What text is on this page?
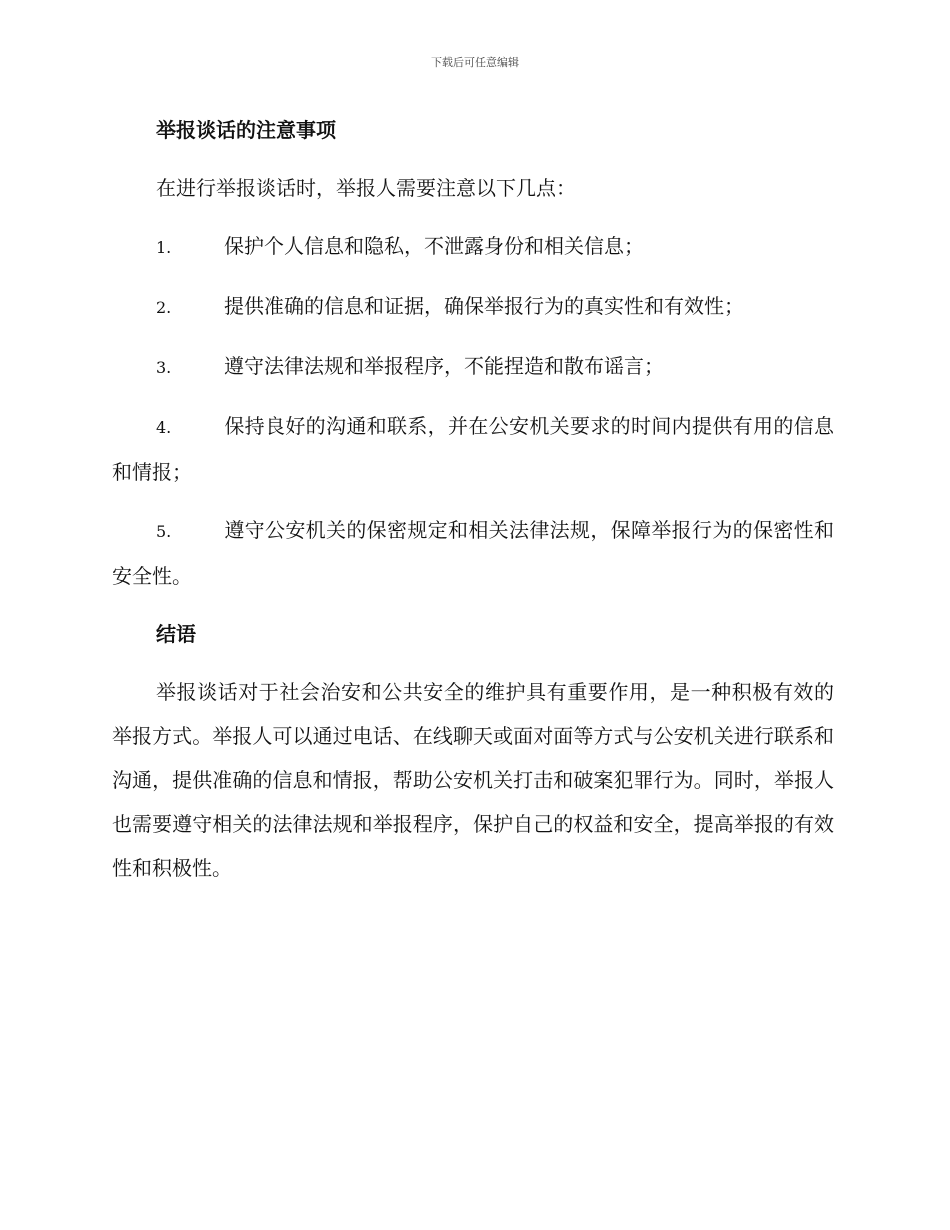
下载后可任意编辑
举报谈话的注意事项

在进行举报谈话时，举报人需要注意以下几点：

1.	保护个人信息和隐私，不泄露身份和相关信息；

2.	提供准确的信息和证据，确保举报行为的真实性和有效性；

3.	遵守法律法规和举报程序，不能捏造和散布谣言；

4.	保持良好的沟通和联系，并在公安机关要求的时间内提供有用的信息和情报；

5.	遵守公安机关的保密规定和相关法律法规，保障举报行为的保密性和安全性。

结语

举报谈话对于社会治安和公共安全的维护具有重要作用，是一种积极有效的举报方式。举报人可以通过电话、在线聊天或面对面等方式与公安机关进行联系和沟通，提供准确的信息和情报，帮助公安机关打击和破案犯罪行为。同时，举报人也需要遵守相关的法律法规和举报程序，保护自己的权益和安全，提高举报的有效性和积极性。
